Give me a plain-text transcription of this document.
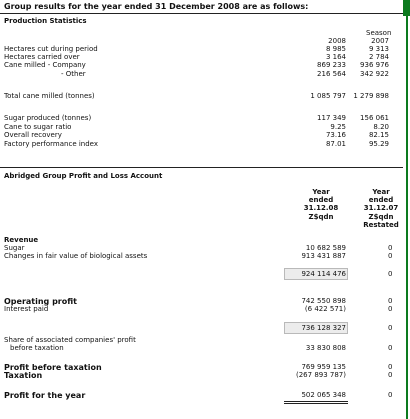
Group results for the year ended 31 December 2008 are as follows:
Production Statistics
Season
2008	2007
Hectares cut during period	8 985	9 313
Hectares carried over	3 164	2 784
Cane milled - Company	869 233	936 976
- Other	216 564	342 922
Total cane milled (tonnes)	1 085 797	1 279 898
Sugar produced (tonnes)	117 349	156 061
Cane to sugar ratio	9.25	8.20
Overall recovery	73.16	82.15
Factory performance index	87.01	95.29
Abridged Group Profit and Loss Account
Year
ended
31.12.08
Z$qdn
Year
ended
31.12.07
Z$qdn
Restated
Revenue
Sugar	10 682 589	0
Changes in fair value of biological assets	913 431 887	0
924 114 476	0
Operating profit	742 550 898	0
Interest paid	(6 422 571)	0
736 128 327	0
Share of associated companies' profit
before taxation	33 830 808	0
Profit before taxation	769 959 135	0
Taxation	(267 893 787)	0
Profit for the year	502 065 348	0
